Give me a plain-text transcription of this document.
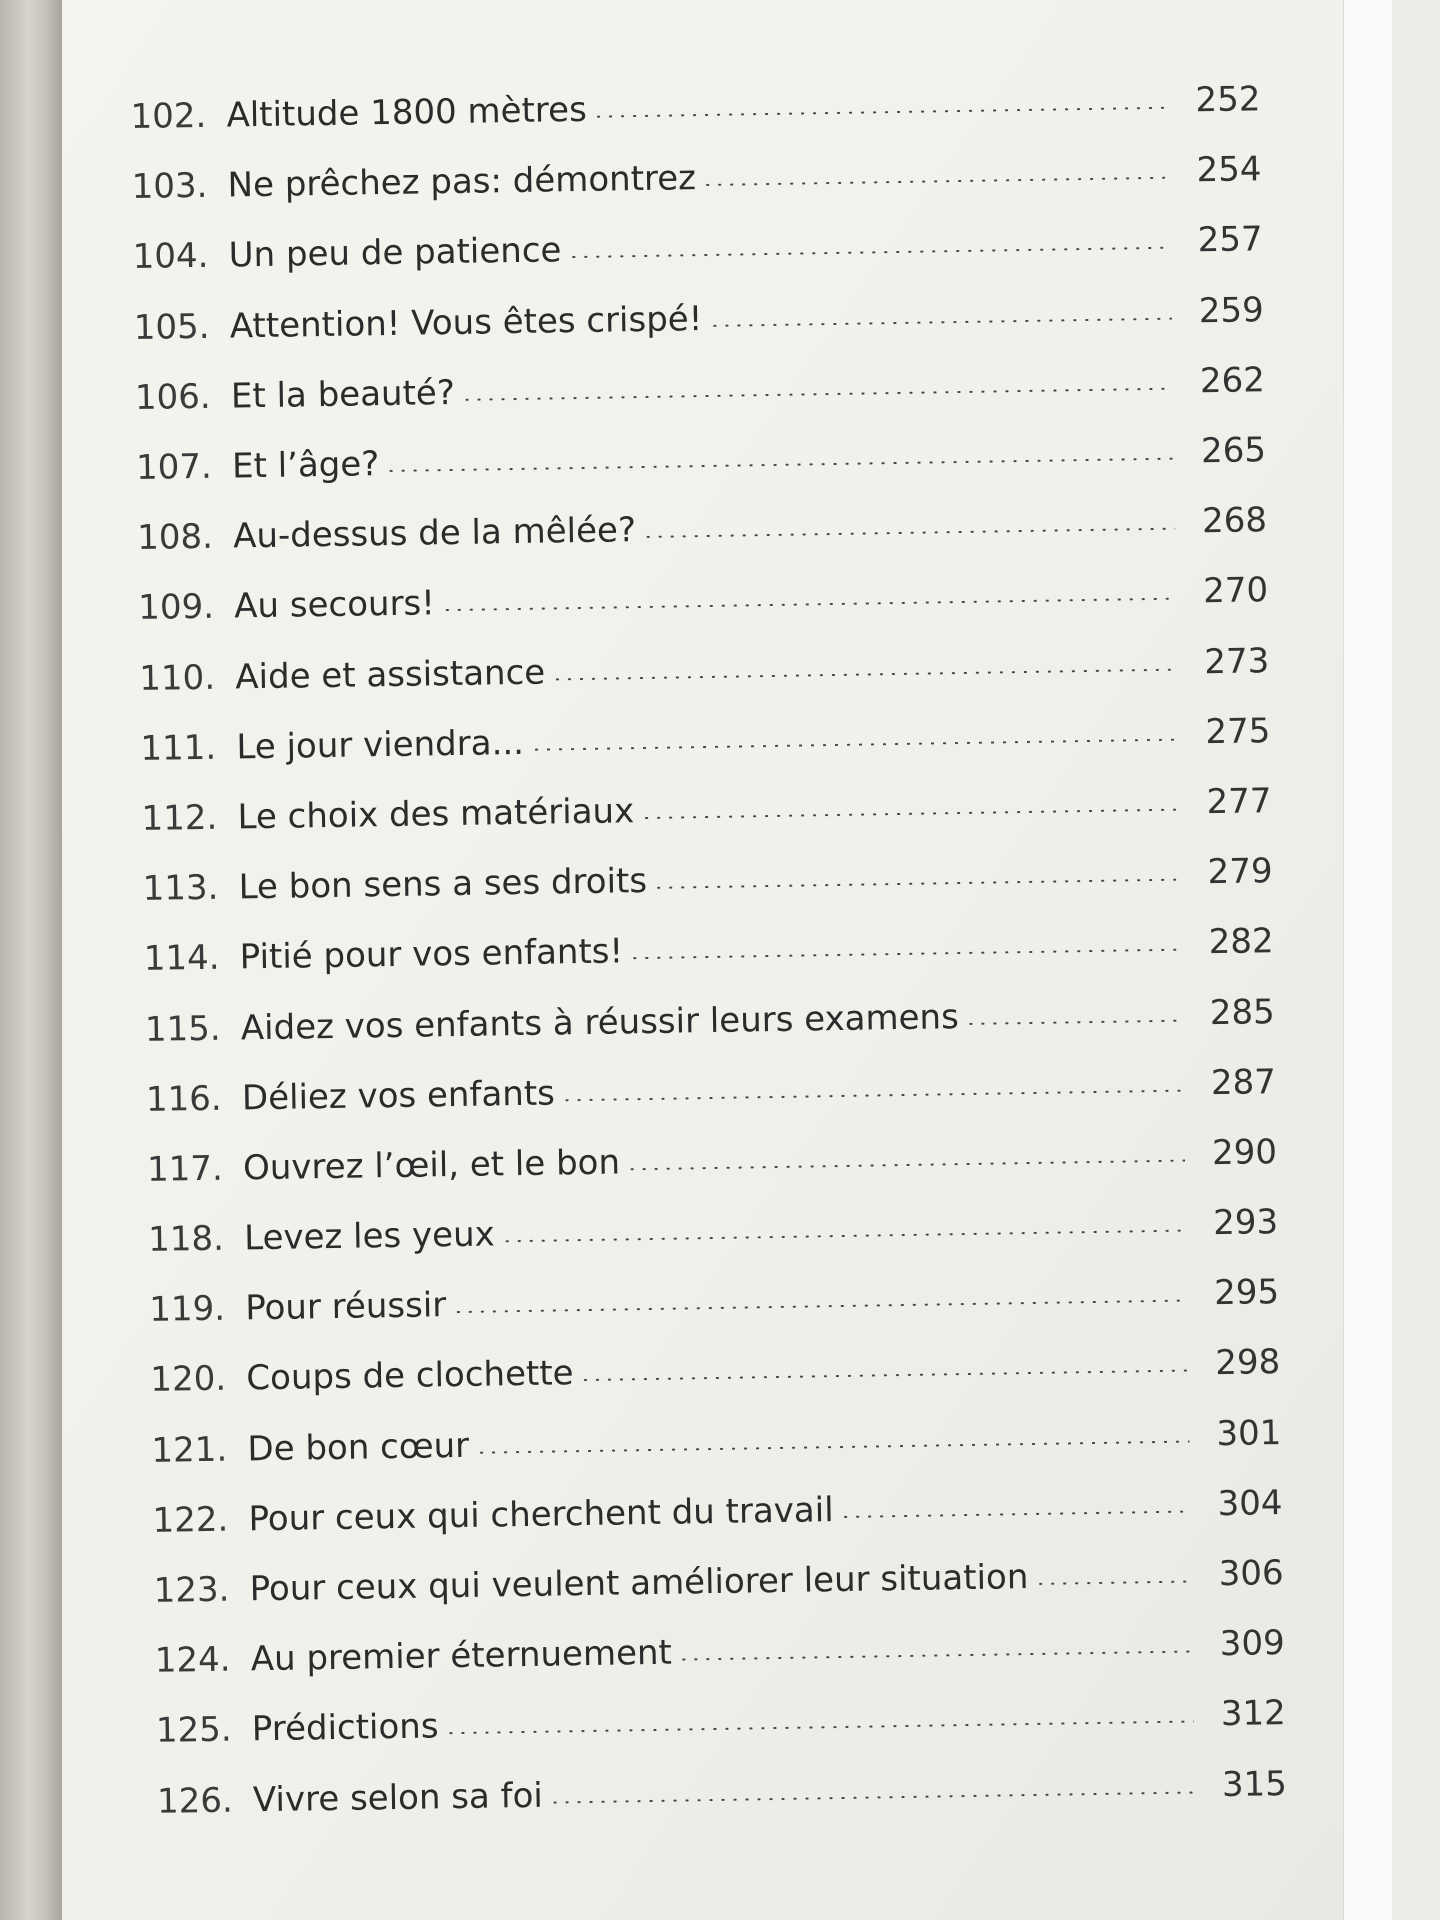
102. Altitude 1800 mètres	252
103. Ne prêchez pas: démontrez	254
104. Un peu de patience	257
105. Attention! Vous êtes crispé!	259
106. Et la beauté?	262
107. Et l’âge?	265
108. Au-dessus de la mêlée?	268
109. Au secours!	270
110. Aide et assistance	273
111. Le jour viendra...	275
112. Le choix des matériaux	277
113. Le bon sens a ses droits	279
114. Pitié pour vos enfants!	282
115. Aidez vos enfants à réussir leurs examens	285
116. Déliez vos enfants	287
117. Ouvrez l’œil, et le bon	290
118. Levez les yeux	293
119. Pour réussir	295
120. Coups de clochette	298
121. De bon cœur	301
122. Pour ceux qui cherchent du travail	304
123. Pour ceux qui veulent améliorer leur situation	306
124. Au premier éternuement	309
125. Prédictions	312
126. Vivre selon sa foi	315
